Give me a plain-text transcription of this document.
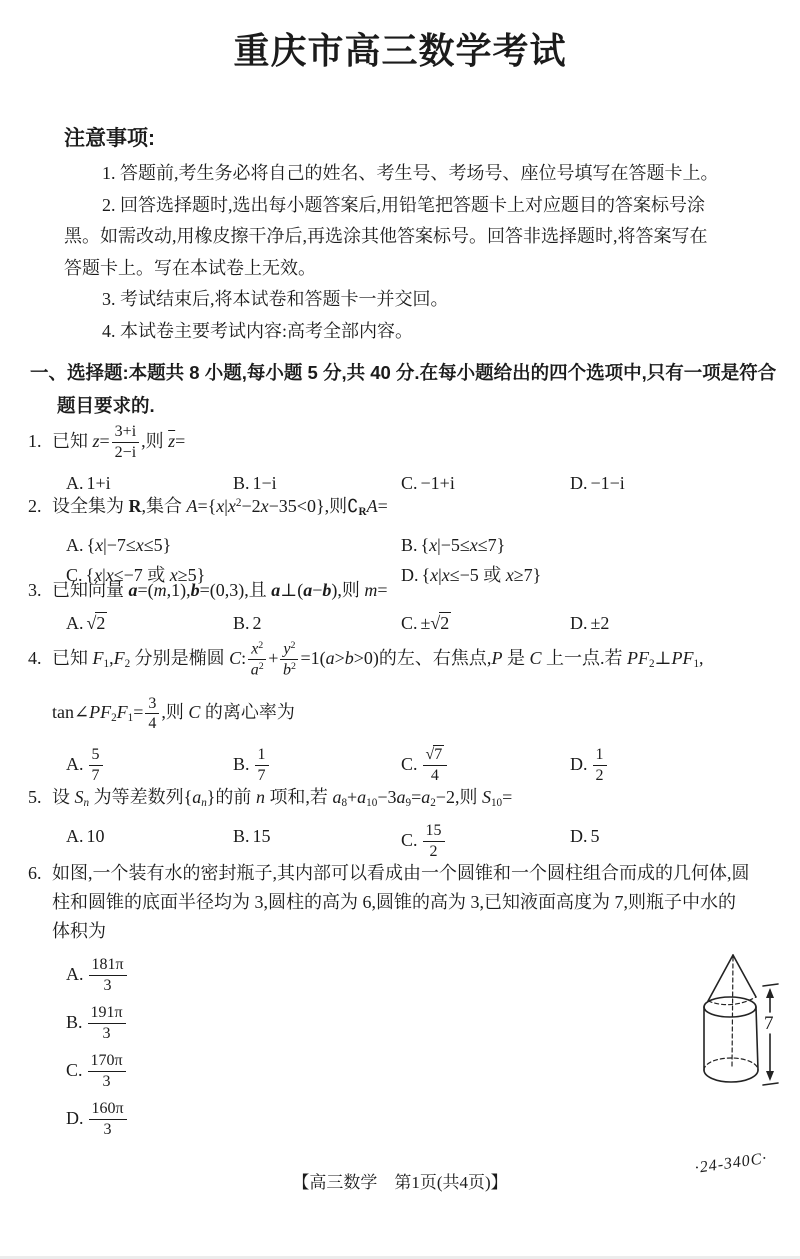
重庆市高三数学考试
注意事项:
1. 答题前,考生务必将自己的姓名、考生号、考场号、座位号填写在答题卡上。
2. 回答选择题时,选出每小题答案后,用铅笔把答题卡上对应题目的答案标号涂
黑。如需改动,用橡皮擦干净后,再选涂其他答案标号。回答非选择题时,将答案写在
答题卡上。写在本试卷上无效。
3. 考试结束后,将本试卷和答题卡一并交回。
4. 本试卷主要考试内容:高考全部内容。
一、选择题:本题共 8 小题,每小题 5 分,共 40 分.在每小题给出的四个选项中,只有一项是符合
题目要求的.
1. 已知 $z= \frac{3+i}{2-i}$ ,则 $\overline{z}=$
A. 1+i	B. 1−i	C. −1+i	D. −1−i
2. 设全集为 R,集合 $A=\{x|x^2-2x-35<0\}$,则∁RA=
A. {x|−7≤x≤5}	B. {x|−5≤x≤7}
C. {x|x≤−7 或 x≥5}	D. {x|x≤−5 或 x≥7}
3. 已知向量 a=(m,1),b=(0,3),且 a⊥(a−b),则 m=
A. √2	B. 2	C. ±√2	D. ±2
4. 已知 F1,F2 分别是椭圆 C: $\frac{x^2}{a^2} + \frac{y^2}{b^2} =1(a>b>0)$的左、右焦点,P 是 C 上一点.若 PF2⊥PF1,
tan∠PF2F1= $\frac{3}{4}$ ,则 C 的离心率为
A. $\frac{5}{7}$	B. $\frac{1}{7}$	C. $\frac{√7}{4}$	D. $\frac{1}{2}$
5. 设 Sn 为等差数列{an}的前 n 项和,若 a8+a10−3a9=a2−2,则 S10=
A. 10	B. 15	C. $\frac{15}{2}$	D. 5
6. 如图,一个装有水的密封瓶子,其内部可以看成由一个圆锥和一个圆柱组合而成的几何体,圆
柱和圆锥的底面半径均为 3,圆柱的高为 6,圆锥的高为 3,已知液面高度为 7,则瓶子中水的
体积为
A. $\frac{181\pi}{3}$
B. $\frac{191\pi}{3}$
C. $\frac{170\pi}{3}$
D. $\frac{160\pi}{3}$
7
【高三数学　第1页(共4页)】
·24-340C·
